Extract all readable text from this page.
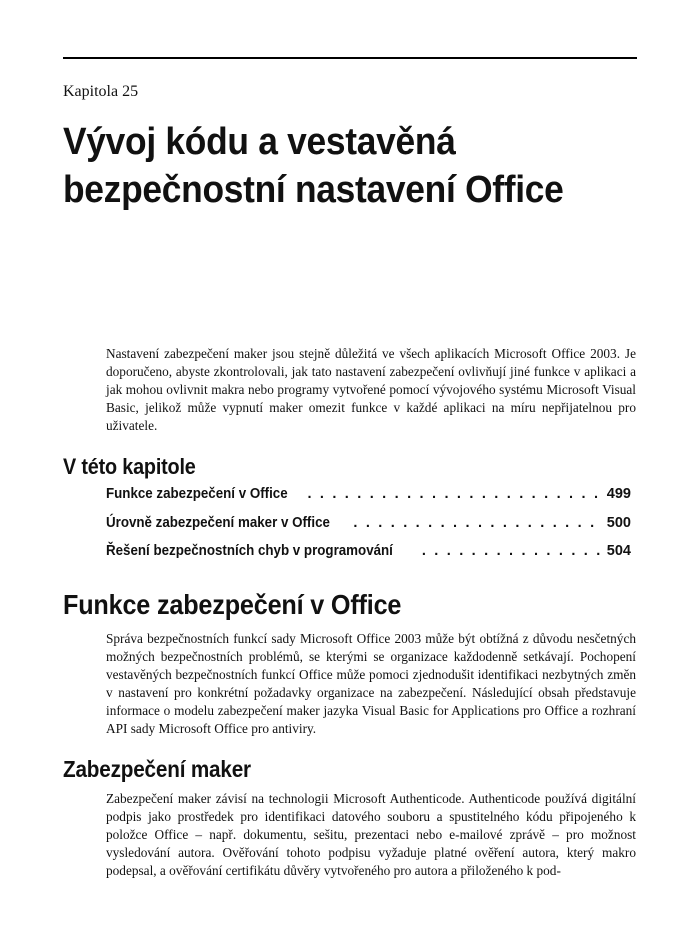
Kapitola 25
Vývoj kódu a vestavěná
bezpečnostní nastavení Office

Nastavení zabezpečení maker jsou stejně důležitá ve všech aplikacích Microsoft Office 2003. Je doporučeno, abyste zkontrolovali, jak tato nastavení zabezpečení ovlivňují jiné funkce v aplikaci a jak mohou ovlivnit makra nebo programy vytvořené pomocí vývojového systému Microsoft Visual Basic, jelikož může vypnutí maker omezit funkce v každé aplikaci na míru nepřijatelnou pro uživatele.

V této kapitole
Funkce zabezpečení v Office . . .	499
Úrovně zabezpečení maker v Office . . .	500
Řešení bezpečnostních chyb v programování . . .	504
Funkce zabezpečení v Office

Správa bezpečnostních funkcí sady Microsoft Office 2003 může být obtížná z důvodu nesčetných možných bezpečnostních problémů, se kterými se organizace každodenně setkávají. Pochopení vestavěných bezpečnostních funkcí Office může pomoci zjednodušit identifikaci nezbytných změn v nastavení pro konkrétní požadavky organizace na zabezpečení. Následující obsah představuje informace o modelu zabezpečení maker jazyka Visual Basic for Applications pro Office a rozhraní API sady Microsoft Office pro antiviry.

Zabezpečení maker

Zabezpečení maker závisí na technologii Microsoft Authenticode. Authenticode používá digitální podpis jako prostředek pro identifikaci datového souboru a spustitelného kódu připojeného k položce Office – např. dokumentu, sešitu, prezentaci nebo e-mailové zprávě – pro možnost vysledování autora. Ověřování tohoto podpisu vyžaduje platné ověření autora, který makro podepsal, a ověřování certifikátu důvěry vytvořeného pro autora a přiloženého k pod-
